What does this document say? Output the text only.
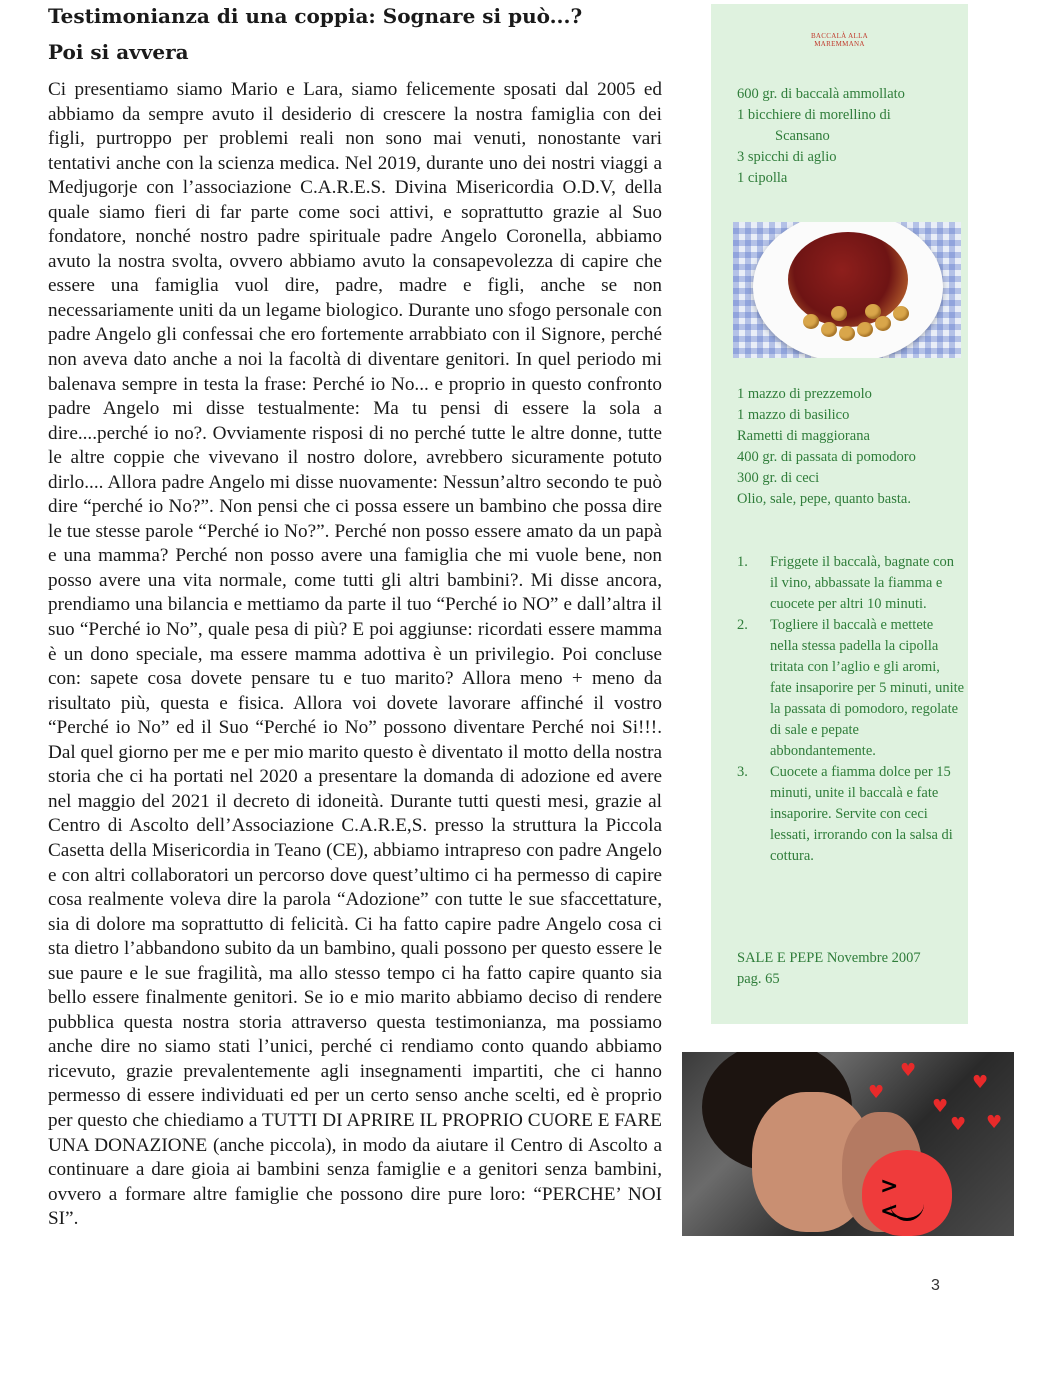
Testimonianza di una coppia: Sognare si può...?
Poi si avvera

Ci presentiamo siamo Mario e Lara, siamo felicemente sposati dal 2005 ed abbiamo da sempre avuto il desiderio di crescere la nostra famiglia con dei figli, purtroppo per problemi reali non sono mai venuti, nonostante vari tentativi anche con la scienza medica. Nel 2019, durante uno dei nostri viaggi a Medjugorje con l’associazione C.A.R.E.S. Divina Misericordia O.D.V, della quale siamo fieri di far parte come soci attivi, e soprattutto grazie al Suo fondatore, nonché nostro padre spirituale padre Angelo Coronella, abbiamo avuto la nostra svolta, ovvero abbiamo avuto la consapevolezza di capire che essere una famiglia vuol dire, padre, madre e figli, anche se non necessariamente uniti da un legame biologico. Durante uno sfogo personale con padre Angelo gli confessai che ero fortemente arrabbiato con il Signore, perché non aveva dato anche a noi la facoltà di diventare genitori. In quel periodo mi balenava sempre in testa la frase: Perché io No... e proprio in questo confronto padre Angelo mi disse testualmente: Ma tu pensi di essere la sola a dire....perché io no?. Ovviamente risposi di no perché tutte le altre donne, tutte le altre coppie che vivevano il nostro dolore, avrebbero sicuramente potuto dirlo.... Allora padre Angelo mi disse nuovamente: Nessun’altro secondo te può dire “perché io No?”. Non pensi che ci possa essere un bambino che possa dire le tue stesse parole “Perché io No?”. Perché non posso essere amato da un papà e una mamma? Perché non posso avere una famiglia che mi vuole bene, non posso avere una vita normale, come tutti gli altri bambini?. Mi disse ancora, prendiamo una bilancia e mettiamo da parte il tuo “Perché io NO” e dall’altra il suo “Perché io No”, quale pesa di più? E poi aggiunse: ricordati essere mamma è un dono speciale, ma essere mamma adottiva è un privilegio. Poi concluse con: sapete cosa dovete pensare tu e tuo marito? Allora meno + meno da risultato più, questa e fisica. Allora voi dovete lavorare affinché il vostro “Perché io No” ed il Suo “Perché io No” possono diventare Perché noi Si!!!. Dal quel giorno per me e per mio marito questo è diventato il motto della nostra storia che ci ha portati nel 2020 a presentare la domanda di adozione ed avere nel maggio del 2021 il decreto di idoneità. Durante tutti questi mesi, grazie al Centro di Ascolto dell’Associazione C.A.R.E,S. presso la struttura la Piccola Casetta della Misericordia in Teano (CE), abbiamo intrapreso con padre Angelo e con altri collaboratori un percorso dove quest’ultimo ci ha permesso di capire cosa realmente voleva dire la parola “Adozione” con tutte le sue sfaccettature, sia di dolore ma soprattutto di felicità. Ci ha fatto capire padre Angelo cosa ci sta dietro l’abbandono subito da un bambino, quali possono per questo essere le sue paure e le sue fragilità, ma allo stesso tempo ci ha fatto capire quanto sia bello essere finalmente genitori. Se io e mio marito abbiamo deciso di rendere pubblica questa nostra storia attraverso questa testimonianza, ma possiamo anche dire no siamo stati l’unici, perché ci rendiamo conto quando abbiamo ricevuto, grazie prevalentemente agli insegnamenti impartiti, che ci hanno permesso di essere individuati ed per un certo senso anche scelti, ed è proprio per questo che chiediamo a TUTTI DI APRIRE IL PROPRIO CUORE E FARE UNA DONAZIONE (anche piccola), in modo da aiutare il Centro di Ascolto a continuare a dare gioia ai bambini senza famiglie e a genitori senza bambini, ovvero a formare altre famiglie che possono dire pure loro: “PERCHE’ NOI SI”.

BACCALÀ ALLA
MAREMMANA
600 gr. di baccalà ammollato
1 bicchiere di morellino di
Scansano
3 spicchi di aglio
1 cipolla
1 mazzo di prezzemolo
1 mazzo di basilico
Rametti di maggiorana
400 gr. di passata di pomodoro
300 gr. di ceci
Olio, sale, pepe, quanto basta.
1. Friggete il baccalà, bagnate con il vino, abbassate la fiamma e cuocete per altri 10 minuti.
2. Togliere il baccalà e mettete nella stessa padella la cipolla tritata con l’aglio e gli aromi, fate insaporire per 5 minuti, unite la passata di pomodoro, regolate di sale e pepate abbondantemente.
3. Cuocete a fiamma dolce per 15 minuti, unite il baccalà e fate insaporire. Servite con ceci lessati, irrorando con la salsa di cottura.
SALE E PEPE Novembre 2007
pag. 65
><
♥
♥
♥
♥
♥
♥
3
